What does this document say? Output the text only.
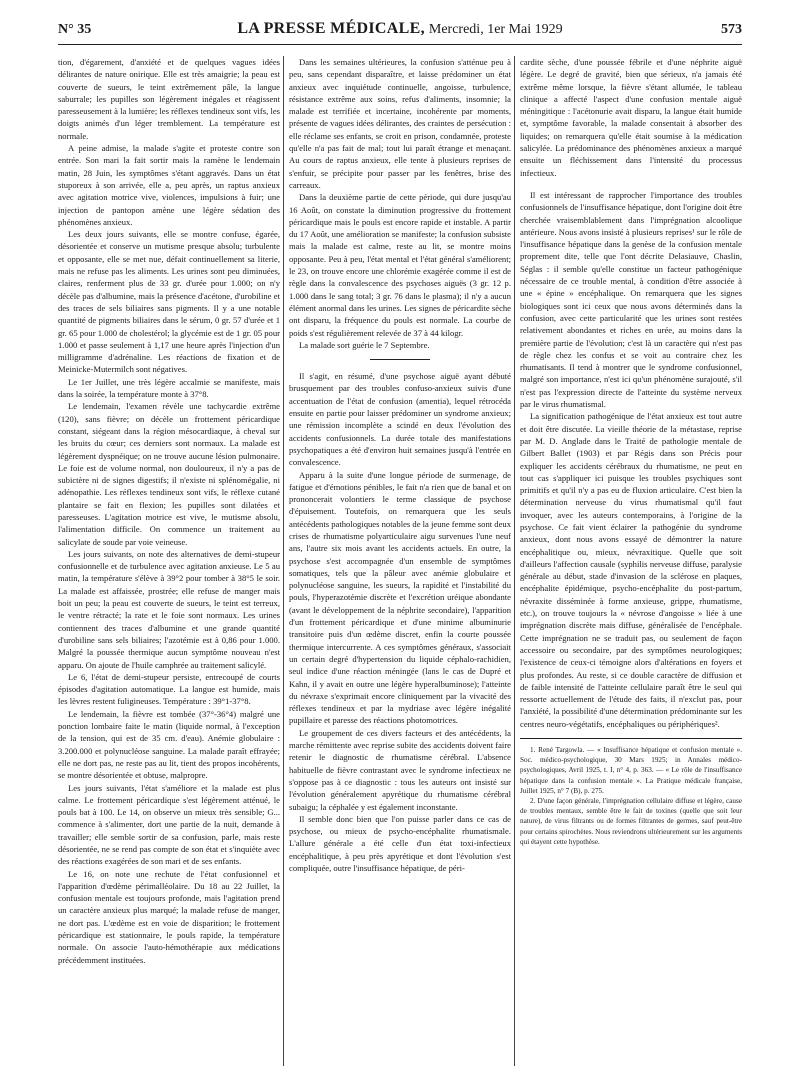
N° 35	LA PRESSE MÉDICALE, Mercredi, 1er Mai 1929	573

tion, d'égarement, d'anxiété et de quelques vagues idées délirantes de nature onirique. Elle est très amaigrie; la peau est couverte de sueurs, le teint extrêmement pâle, la langue saburrale; les pupilles son légèrement inégales et réagissent paresseusement à la lumière; les réflexes tendineux sont vifs, les doigts animés d'un léger tremblement. La température est normale.

A peine admise, la malade s'agite et proteste contre son entrée. Son mari la fait sortir mais la ramène le lendemain matin, 28 Juin, les symptômes s'étant aggravés. Dans un état stuporeux à son arrivée, elle a, peu après, un raptus anxieux avec agitation motrice vive, violences, impulsions à fuir; une injection de pantopon amène une légère sédation des phénomènes anxieux.

Les deux jours suivants, elle se montre confuse, égarée, désorientée et conserve un mutisme presque absolu; turbulente et opposante, elle se met nue, défait continuellement sa literie, mais ne refuse pas les aliments. Les urines sont peu diminuées, claires, renferment plus de 33 gr. d'urée pour 1.000; on n'y décèle pas d'albumine, mais la présence d'acétone, d'urobiline et des traces de sels biliaires sans pigments. Il y a une notable quantité de pigments biliaires dans le sérum, 0 gr. 57 d'urée et 1 gr. 65 pour 1.000 de cholestérol; la glycémie est de 1 gr. 05 pour 1.000 et passe seulement à 1,17 une heure après l'injection d'un milligramme d'adrénaline. Les réactions de fixation et de Meinicke-Mutermilch sont négatives.

Le 1er Juillet, une très légère accalmie se manifeste, mais dans la soirée, la température monte à 37°8.

Le lendemain, l'examen révèle une tachycardie extrême (120), sans fièvre; on décèle un frottement péricardique constant, siégeant dans la région mésocardiaque, à cheval sur les bruits du cœur; ces derniers sont normaux. La malade est légèrement dyspnéique; on ne trouve aucune lésion pulmonaire. Le foie est de volume normal, non douloureux, il n'y a pas de subictère ni de signes digestifs; il n'existe ni splénomégalie, ni adénopathie. Les réflexes tendineux sont vifs, le réflexe cutané plantaire se fait en flexion; les pupilles sont dilatées et paresseuses. L'agitation motrice est vive, le mutisme absolu, l'alimentation difficile. On commence un traitement au salicylate de soude par voie veineuse.

Les jours suivants, on note des alternatives de demi-stupeur confusionnelle et de turbulence avec agitation anxieuse. Le 5 au matin, la température s'élève à 39°2 pour tomber à 38°5 le soir. La malade est affaissée, prostrée; elle refuse de manger mais boit un peu; la peau est couverte de sueurs, le teint est terreux, le ventre rétracté; la rate et le foie sont normaux. Les urines contiennent des traces d'albumine et une grande quantité d'urobiline sans sels biliaires; l'azotémie est à 0,86 pour 1.000. Malgré la poussée thermique aucun symptôme nouveau n'est apparu. On ajoute de l'huile camphrée au traitement salicylé.

Le 6, l'état de demi-stupeur persiste, entrecoupé de courts épisodes d'agitation automatique. La langue est humide, mais les lèvres restent fuligineuses. Température : 39°1-37°8.

Le lendemain, la fièvre est tombée (37°-36°4) malgré une ponction lombaire faite le matin (liquide normal, à l'exception de la tension, qui est de 35 cm. d'eau). Anémie globulaire : 3.200.000 et polynucléose sanguine. La malade paraît effrayée; elle ne dort pas, ne reste pas au lit, tient des propos incohérents, se montre désorientée et obtuse, malpropre.

Les jours suivants, l'état s'améliore et la malade est plus calme. Le frottement péricardique s'est légèrement atténué, le pouls bat à 100. Le 14, on observe un mieux très sensible; G... commence à s'alimenter, dort une partie de la nuit, demande à travailler; elle semble sortir de sa confusion, parle, mais reste désorientée, ne se rend pas compte de son état et s'inquiète avec des réactions exagérées de son mari et de ses enfants.

Le 16, on note une rechute de l'état confusionnel et l'apparition d'œdème périmalléolaire. Du 18 au 22 Juillet, la confusion mentale est toujours profonde, mais l'agitation prend un caractère anxieux plus marqué; la malade refuse de manger, ne dort pas. L'œdème est en voie de disparition; le frottement péricardique est stationnaire, le pouls rapide, la température normale. On associe l'auto-hémothérapie aux médications précédemment instituées.

Dans les semaines ultérieures, la confusion s'atténue peu à peu, sans cependant disparaître, et laisse prédominer un état anxieux avec inquiétude continuelle, angoisse, turbulence, résistance extrême aux soins, refus d'aliments, insomnie; la malade est terrifiée et incertaine, incohérente par moments, présente de vagues idées délirantes, des craintes de persécution : elle réclame ses enfants, se croit en prison, condamnée, proteste qu'elle n'a pas fait de mal; tout lui paraît étrange et menaçant. Au cours de raptus anxieux, elle tente à plusieurs reprises de s'enfuir, se précipite pour passer par les fenêtres, brise des carreaux.

Dans la deuxième partie de cette période, qui dure jusqu'au 16 Août, on constate la diminution progressive du frottement péricardique mais le pouls est encore rapide et instable. A partir du 17 Août, une amélioration se manifeste; la confusion subsiste mais la malade est calme, reste au lit, se montre moins opposante. Peu à peu, l'état mental et l'état général s'améliorent; le 23, on trouve encore une chlorémie exagérée comme il est de règle dans la convalescence des psychoses aiguës (3 gr. 12 p. 1.000 dans le sang total; 3 gr. 76 dans le plasma); il n'y a aucun élément anormal dans les urines. Les signes de péricardite sèche ont disparu, la fréquence du pouls est normale. La courbe de poids s'est régulièrement relevée de 37 à 44 kilogr.

La malade sort guérie le 7 Septembre.

Il s'agit, en résumé, d'une psychose aiguë ayant débuté brusquement par des troubles confuso-anxieux suivis d'une accentuation de l'état de confusion (amentia), lequel rétrocéda ensuite en partie pour laisser prédominer un syndrome anxieux; une rémission incomplète a scindé en deux l'évolution des accidents confusionnels. La durée totale des manifestations psychopatiques a été d'environ huit semaines jusqu'à l'entrée en convalescence.

Apparu à la suite d'une longue période de surmenage, de fatigue et d'émotions pénibles, le fait n'a rien que de banal et on prononcerait volontiers le terme classique de psychose d'épuisement. Toutefois, on remarquera que les seuls antécédents pathologiques notables de la jeune femme sont deux crises de rhumatisme polyarticulaire aigu survenues l'une neuf ans, l'autre six mois avant les accidents actuels. En outre, la psychose s'est accompagnée d'un ensemble de symptômes somatiques, tels que la pâleur avec anémie globulaire et polynucléose sanguine, les sueurs, la rapidité et l'instabilité du pouls, l'hyperazotémie discrète et l'excrétion uréique abondante (avant le développement de la néphrite secondaire), l'apparition d'un frottement péricardique et d'une minime albuminurie transitoire puis d'un œdème discret, enfin la courte poussée thermique intercurrente. A ces symptômes généraux, s'associait un certain degré d'hypertension du liquide céphalo-rachidien, seul indice d'une réaction méningée (lans le cas de Dupré et Kahn, il y avait en outre une légère hyperalbuminose); l'atteinte du névraxe s'exprimait encore cliniquement par la vivacité des réflexes tendineux et par la mydriase avec légère inégalité pupillaire et paresse des réactions photomotrices.

Le groupement de ces divers facteurs et des antécédents, la marche rémittente avec reprise subite des accidents doivent faire retenir le diagnostic de rhumatisme cérébral. L'absence habituelle de fièvre contrastant avec le syndrome infectieux ne s'oppose pas à ce diagnostic : tous les auteurs ont insisté sur l'évolution généralement apyrétique du rhumatisme cérébral subaigu; la céphalée y est également inconstante.

Il semble donc bien que l'on puisse parler dans ce cas de psychose, ou mieux de psycho-encéphalite rhumatismale. L'allure générale a été celle d'un état toxi-infectieux encéphalitique, à peu près apyrétique et dont l'évolution s'est compliquée, outre l'insuffisance hépatique, de péri-

cardite sèche, d'une poussée fébrile et d'une néphrite aiguë légère. Le degré de gravité, bien que sérieux, n'a jamais été extrême même lorsque, la fièvre s'étant allumée, le tableau clinique a affecté l'aspect d'une confusion mentale aiguë méningitique : l'acétonurie avait disparu, la langue était humide et, symptôme favorable, la malade consentait à absorber des liquides; on remarquera qu'elle était soumise à la médication salicylée. La prédominance des phénomènes anxieux a marqué ensuite un fléchissement dans l'intensité du processus infectieux.

Il est intéressant de rapprocher l'importance des troubles confusionnels de l'insuffisance hépatique, dont l'origine doit être cherchée vraisemblablement dans l'imprégnation alcoolique antérieure. Nous avons insisté à plusieurs reprises¹ sur le rôle de l'insuffisance hépatique dans la genèse de la confusion mentale proprement dite, telle que l'ont décrite Delasiauve, Chaslin, Séglas : il semble qu'elle constitue un facteur pathogénique nécessaire de ce trouble mental, à condition d'être associée à une « épine » encéphalique. On remarquera que les signes biologiques sont ici ceux que nous avons déterminés dans la confusion, avec cette particularité que les urines sont restées relativement abondantes et riches en urée, au moins dans la première partie de l'évolution; c'est là un caractère qui n'est pas de règle chez les confus et se voit au contraire chez les rhumatisants. Il tend à montrer que le syndrome confusionnel, malgré son importance, n'est ici qu'un phénomène surajouté, s'il n'est pas l'expression directe de l'atteinte du système nerveux par le virus rhumatismal.

La signification pathogénique de l'état anxieux est tout autre et doit être discutée. La vieille théorie de la métastase, reprise par M. D. Anglade dans le Traité de pathologie mentale de Gilbert Ballet (1903) et par Régis dans son Précis pour expliquer les accidents cérébraux du rhumatisme, ne peut en tout cas s'appliquer ici puisque les troubles psychiques sont primitifs et qu'il n'y a pas eu de fluxion articulaire. C'est bien la détermination nerveuse du virus rhumatismal qu'il faut invoquer, avec les auteurs contemporains, à l'origine de la psychose. Ce fait vient éclairer la pathogénie du syndrome anxieux, dont nous avons essayé de démontrer la nature encéphalitique ou, mieux, névraxitique. Quelle que soit d'ailleurs l'affection causale (syphilis nerveuse diffuse, paralysie générale au début, stade d'invasion de la sclérose en plaques, encéphalite épidémique, psycho-encéphalite du post-partum, névraxite disséminée à forme anxieuse, grippe, rhumatisme, etc.), on trouve toujours la « névrose d'angoisse » liée à une imprégnation discrète mais diffuse, généralisée de l'encéphale. Cette imprégnation ne se traduit pas, ou seulement de façon accessoire ou secondaire, par des symptômes neurologiques; l'existence de ceux-ci témoigne alors d'altérations en foyers et plus profondes. Au reste, si ce double caractère de diffusion et de faible intensité de l'atteinte cellulaire paraît être le seul qui ressorte actuellement de l'étude des faits, il n'exclut pas, pour l'anxiété, la possibilité d'une détermination prédominante sur les centres neuro-végétatifs, encéphaliques ou périphériques².

1. René Targowla. — « Insuffisance hépatique et confusion mentale ». Soc. médico-psychologique, 30 Mars 1925; in Annales médico-psychologiques, Avril 1925, t. I, n° 4, p. 363. — « Le rôle de l'insuffisance hépatique dans la confusion mentale ». La Pratique médicale française, Juillet 1925, n° 7 (B), p. 275.

2. D'une façon générale, l'imprégnation cellulaire diffuse et légère, cause de troubles mentaux, semble être le fait de toxines (quelle que soit leur nature), de virus filtrants ou de formes filtrantes de germes, sauf peut-être pour certains spirochètes. Nous reviendrons ultérieurement sur les arguments qui étayent cette hypothèse.
